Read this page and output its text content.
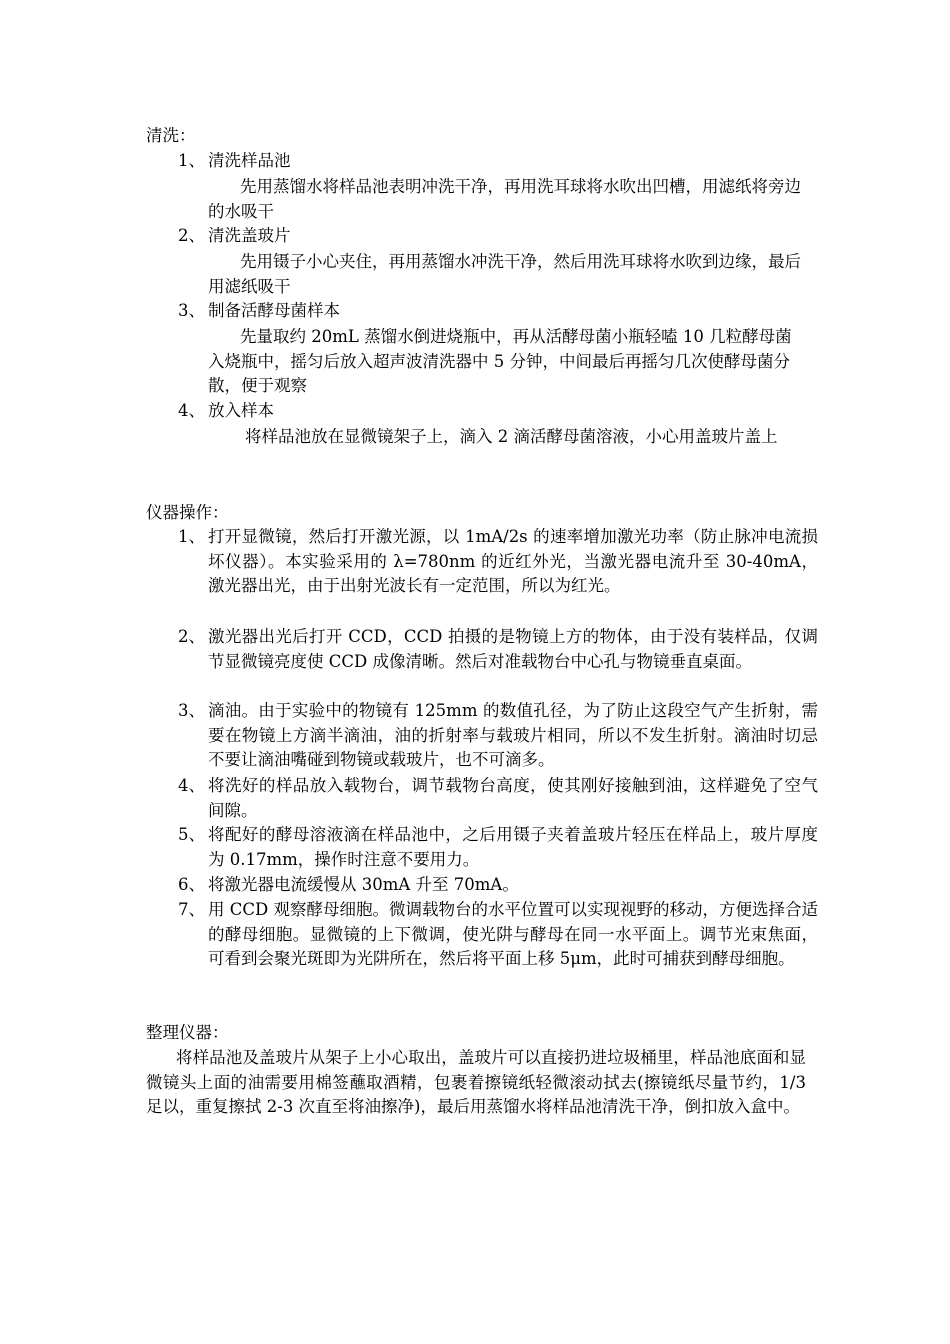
清洗：
1、 清洗样品池
先用蒸馏水将样品池表明冲洗干净，再用洗耳球将水吹出凹槽，用滤纸将旁边的水吸干
2、 清洗盖玻片
先用镊子小心夹住，再用蒸馏水冲洗干净，然后用洗耳球将水吹到边缘，最后用滤纸吸干
3、 制备活酵母菌样本
先量取约 20mL 蒸馏水倒进烧瓶中，再从活酵母菌小瓶轻嗑 10 几粒酵母菌入烧瓶中，摇匀后放入超声波清洗器中 5 分钟，中间最后再摇匀几次使酵母菌分散，便于观察
4、 放入样本
将样品池放在显微镜架子上，滴入 2 滴活酵母菌溶液，小心用盖玻片盖上
仪器操作：
1、 打开显微镜，然后打开激光源，以 1mA/2s 的速率增加激光功率（防止脉冲电流损坏仪器）。本实验采用的 λ=780nm 的近红外光，当激光器电流升至 30-40mA，激光器出光，由于出射光波长有一定范围，所以为红光。
2、 激光器出光后打开 CCD，CCD 拍摄的是物镜上方的物体，由于没有装样品，仅调节显微镜亮度使 CCD 成像清晰。然后对准载物台中心孔与物镜垂直桌面。
3、 滴油。由于实验中的物镜有 125mm 的数值孔径，为了防止这段空气产生折射，需要在物镜上方滴半滴油，油的折射率与载玻片相同，所以不发生折射。滴油时切忌不要让滴油嘴碰到物镜或载玻片，也不可滴多。
4、 将洗好的样品放入载物台，调节载物台高度，使其刚好接触到油，这样避免了空气间隙。
5、 将配好的酵母溶液滴在样品池中，之后用镊子夹着盖玻片轻压在样品上，玻片厚度为 0.17mm，操作时注意不要用力。
6、 将激光器电流缓慢从 30mA 升至 70mA。
7、 用 CCD 观察酵母细胞。微调载物台的水平位置可以实现视野的移动，方便选择合适的酵母细胞。显微镜的上下微调，使光阱与酵母在同一水平面上。调节光束焦面，可看到会聚光斑即为光阱所在，然后将平面上移 5μm，此时可捕获到酵母细胞。
整理仪器：
将样品池及盖玻片从架子上小心取出，盖玻片可以直接扔进垃圾桶里，样品池底面和显微镜头上面的油需要用棉签蘸取酒精，包裹着擦镜纸轻微滚动拭去(擦镜纸尽量节约，1/3 足以，重复擦拭 2-3 次直至将油擦净)，最后用蒸馏水将样品池清洗干净，倒扣放入盒中。
